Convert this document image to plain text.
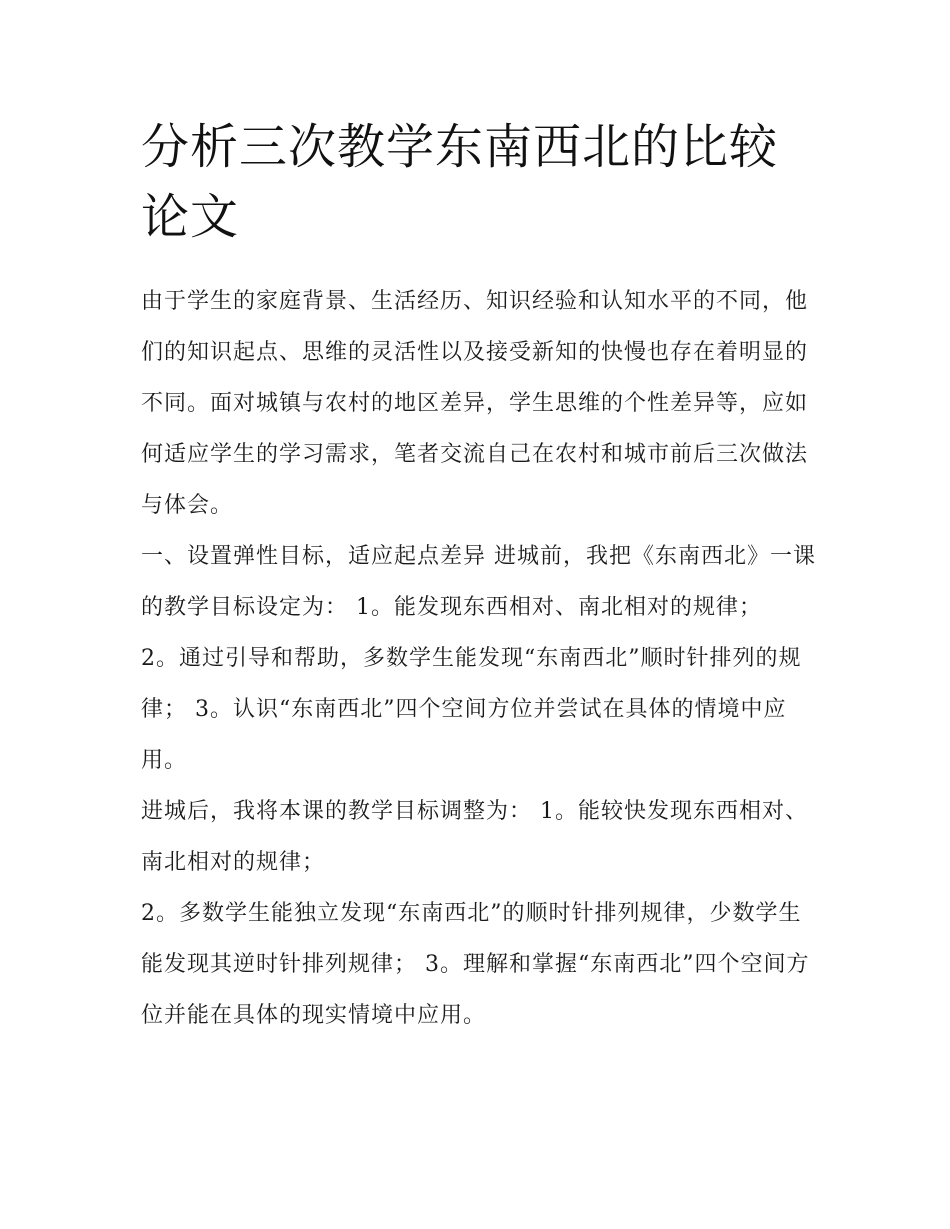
分析三次教学东南西北的比较论文

由于学生的家庭背景、生活经历、知识经验和认知水平的不同，他们的知识起点、思维的灵活性以及接受新知的快慢也存在着明显的不同。面对城镇与农村的地区差异，学生思维的个性差异等，应如何适应学生的学习需求，笔者交流自己在农村和城市前后三次做法与体会。

一、设置弹性目标，适应起点差异 进城前，我把《东南西北》一课的教学目标设定为： 1。能发现东西相对、南北相对的规律；

2。通过引导和帮助，多数学生能发现“东南西北”顺时针排列的规律； 3。认识“东南西北”四个空间方位并尝试在具体的情境中应用。

进城后，我将本课的教学目标调整为： 1。能较快发现东西相对、南北相对的规律；

2。多数学生能独立发现“东南西北”的顺时针排列规律，少数学生能发现其逆时针排列规律； 3。理解和掌握“东南西北”四个空间方位并能在具体的现实情境中应用。
